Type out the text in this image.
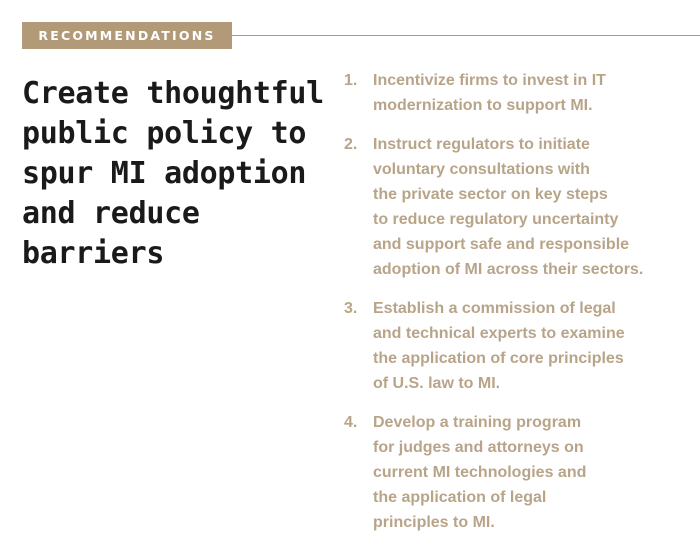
RECOMMENDATIONS
Create thoughtful
public policy to
spur MI adoption
and reduce
barriers
1. Incentivize firms to invest in IT
modernization to support MI.
2. Instruct regulators to initiate
voluntary consultations with
the private sector on key steps
to reduce regulatory uncertainty
and support safe and responsible
adoption of MI across their sectors.
3. Establish a commission of legal
and technical experts to examine
the application of core principles
of U.S. law to MI.
4. Develop a training program
for judges and attorneys on
current MI technologies and
the application of legal
principles to MI.
